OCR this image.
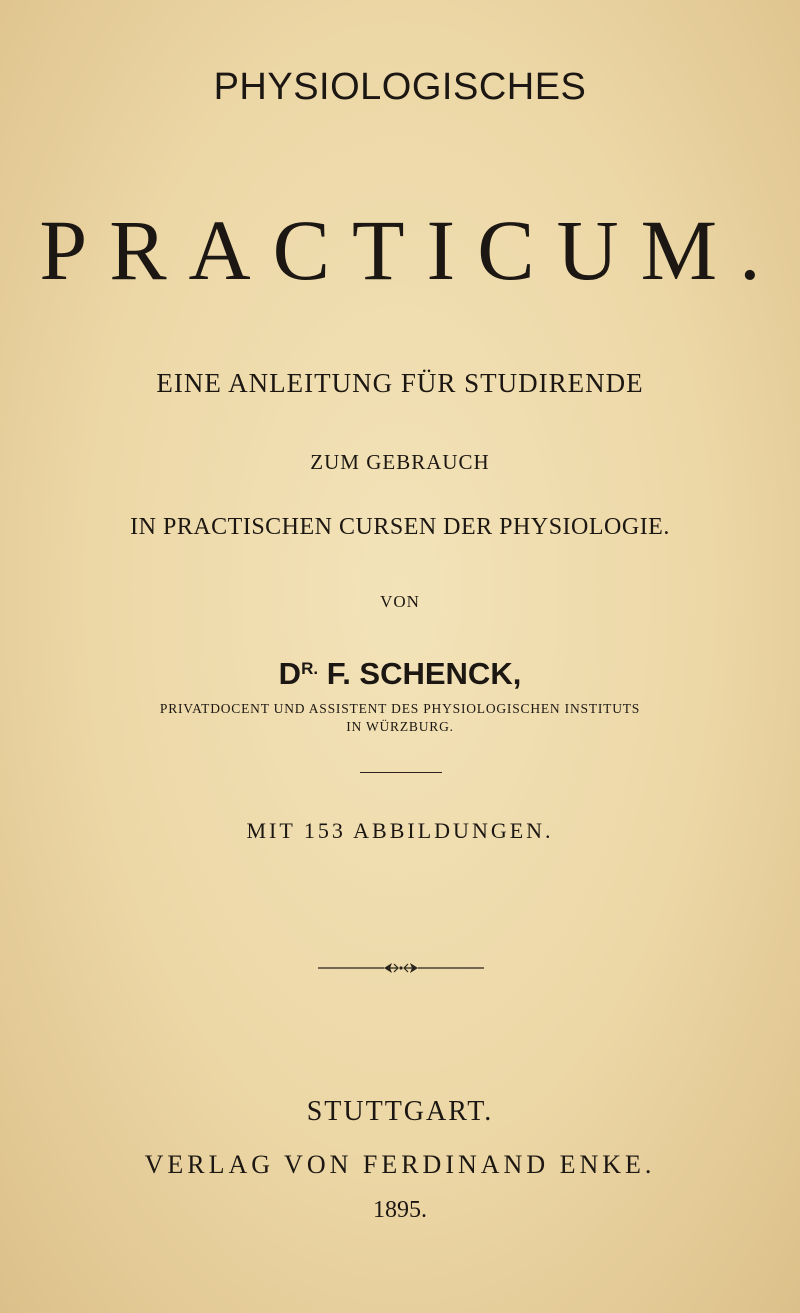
PHYSIOLOGISCHES
PRACTICUM.
EINE ANLEITUNG FÜR STUDIRENDE
ZUM GEBRAUCH
IN PRACTISCHEN CURSEN DER PHYSIOLOGIE.
VON
$D^{R.}$ F. SCHENCK,
PRIVATDOCENT UND ASSISTENT DES PHYSIOLOGISCHEN INSTITUTS
IN WÜRZBURG.
MIT 153 ABBILDUNGEN.
STUTTGART.
VERLAG VON FERDINAND ENKE.
1895.
